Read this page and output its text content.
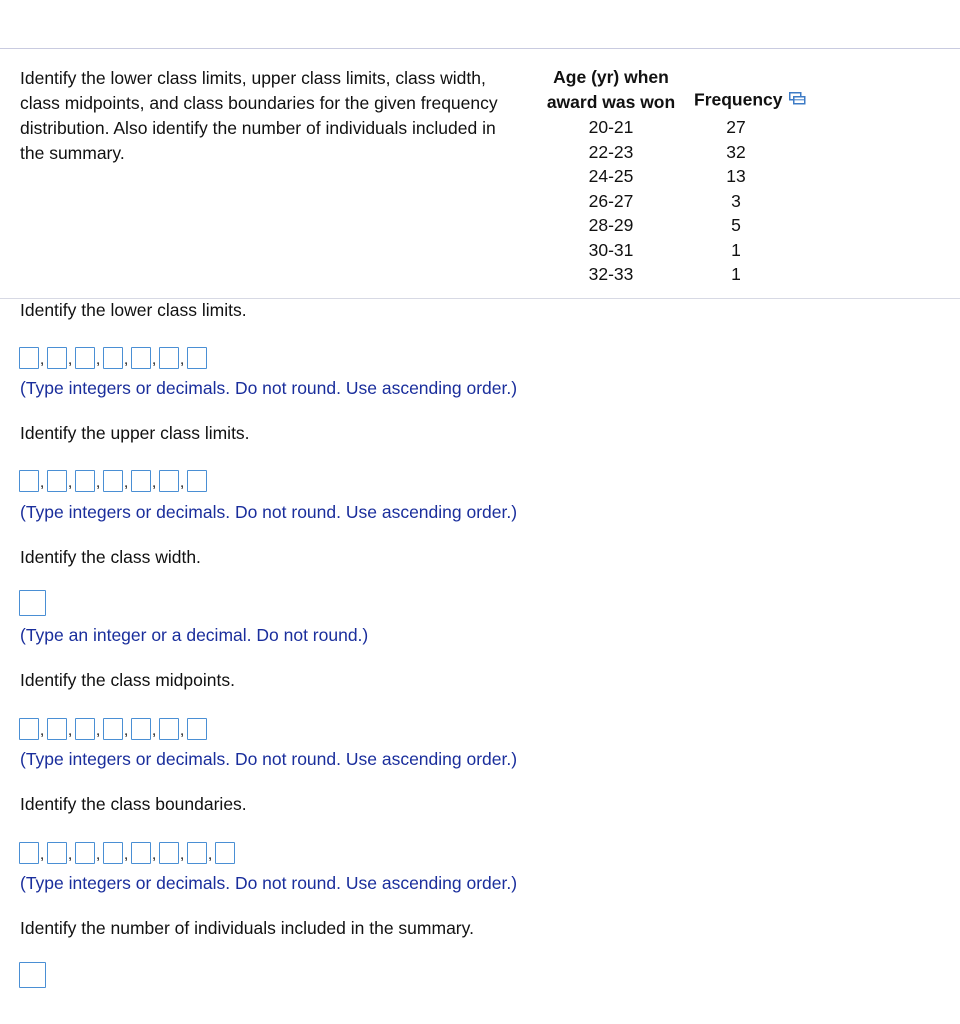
Identify the lower class limits, upper class limits, class width, class midpoints, and class boundaries for the given frequency distribution. Also identify the number of individuals included in the summary.
Age (yr) when
award was won	Frequency
20-21	27
22-23	32
24-25	13
26-27	3
28-29	5
30-31	1
32-33	1
Identify the lower class limits.
, , , , , ,
(Type integers or decimals. Do not round. Use ascending order.)
Identify the upper class limits.
, , , , , ,
(Type integers or decimals. Do not round. Use ascending order.)
Identify the class width.
(Type an integer or a decimal. Do not round.)
Identify the class midpoints.
, , , , , ,
(Type integers or decimals. Do not round. Use ascending order.)
Identify the class boundaries.
, , , , , , ,
(Type integers or decimals. Do not round. Use ascending order.)
Identify the number of individuals included in the summary.
